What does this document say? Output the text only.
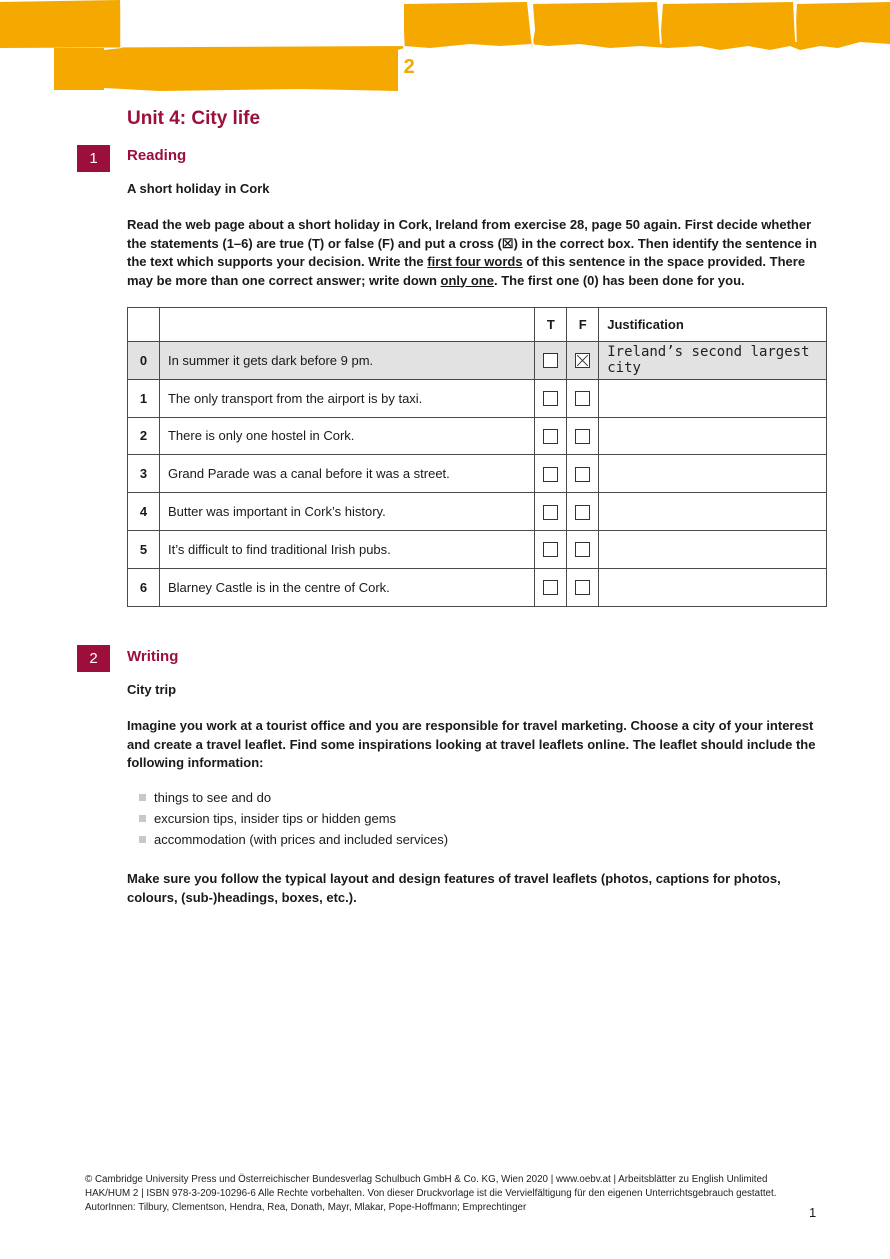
English Unlimited HAK/HUM 2
Unit 4: City life
1	Reading
A short holiday in Cork
Read the web page about a short holiday in Cork, Ireland from exercise 28, page 50 again. First decide whether the statements (1–6) are true (T) or false (F) and put a cross (☒) in the correct box. Then identify the sentence in the text which supports your decision. Write the first four words of this sentence in the space provided. There may be more than one correct answer; write down only one. The first one (0) has been done for you.
		T	F	Justification
0	In summer it gets dark before 9 pm.			Ireland’s second largest city
1	The only transport from the airport is by taxi.			
2	There is only one hostel in Cork.			
3	Grand Parade was a canal before it was a street.			
4	Butter was important in Cork’s history.			
5	It’s difficult to find traditional Irish pubs.			
6	Blarney Castle is in the centre of Cork.			
2	Writing
City trip
Imagine you work at a tourist office and you are responsible for travel marketing. Choose a city of your interest and create a travel leaflet. Find some inspirations looking at travel leaflets online. The leaflet should include the following information:
things to see and do
excursion tips, insider tips or hidden gems
accommodation (with prices and included services)
Make sure you follow the typical layout and design features of travel leaflets (photos, captions for photos, colours, (sub-)headings, boxes, etc.).
© Cambridge University Press und Österreichischer Bundesverlag Schulbuch GmbH & Co. KG, Wien 2020 | www.oebv.at | Arbeitsblätter zu English Unlimited HAK/HUM 2 | ISBN 978-3-209-10296-6 Alle Rechte vorbehalten. Von dieser Druckvorlage ist die Vervielfältigung für den eigenen Unterrichtsgebrauch gestattet.
AutorInnen: Tilbury, Clementson, Hendra, Rea, Donath, Mayr, Mlakar, Pope-Hoffmann; Emprechtinger	1
